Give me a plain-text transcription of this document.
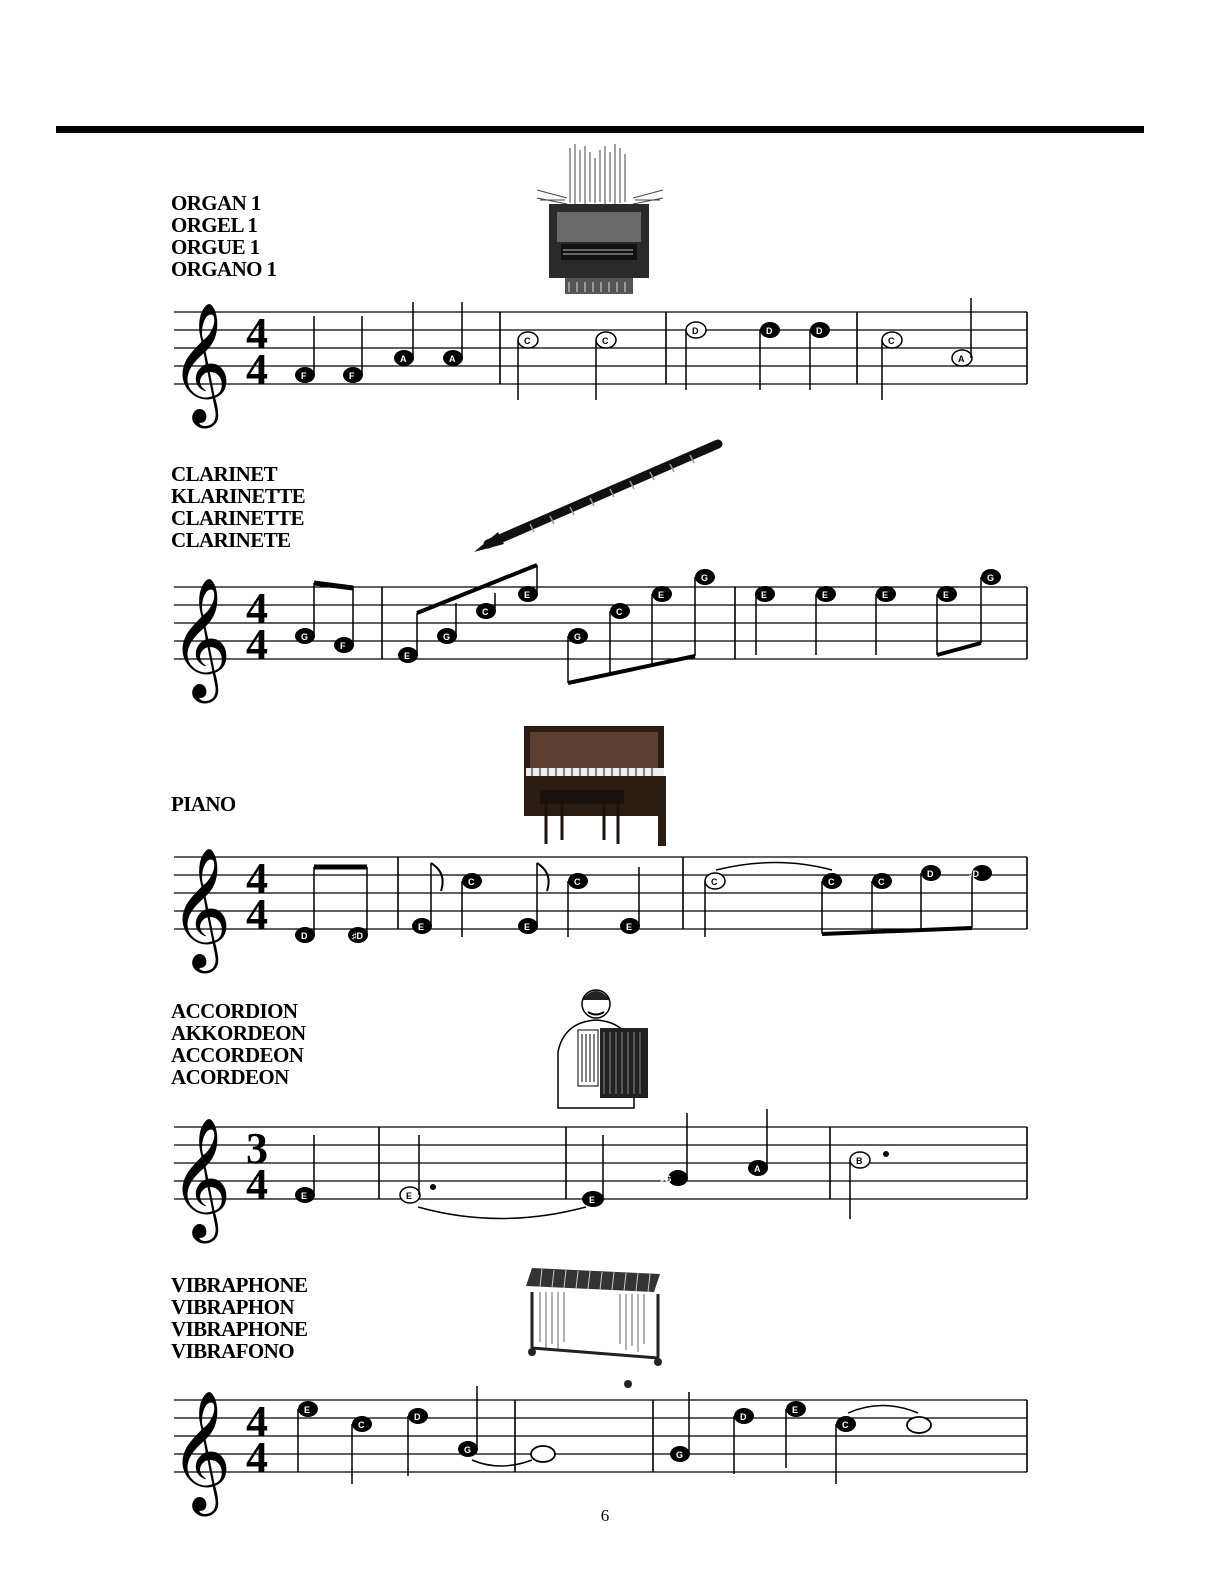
ORGAN 1
ORGEL 1
ORGUE 1
ORGANO 1
𝄞 4
4	F	F
A	A
C	C
D	D	D
C
A
CLARINET
KLARINETTE
CLARINETTE
CLARINETE
𝄞 4
4	G
F
E
G
C
E
G
C
E
G
E	E	E	E
G
PIANO
𝄞 4
4	D	♯D
E
C
E
C
E
C	C	C
D	♯D
ACCORDION
AKKORDEON
ACCORDEON
ACORDEON
𝄞 3
4	E	E	E
♯G
A
B
VIBRAPHONE
VIBRAPHON
VIBRAPHONE
VIBRAFONO
𝄞 4
4
E
C
D
G	G	G
D
E
C	C
6
